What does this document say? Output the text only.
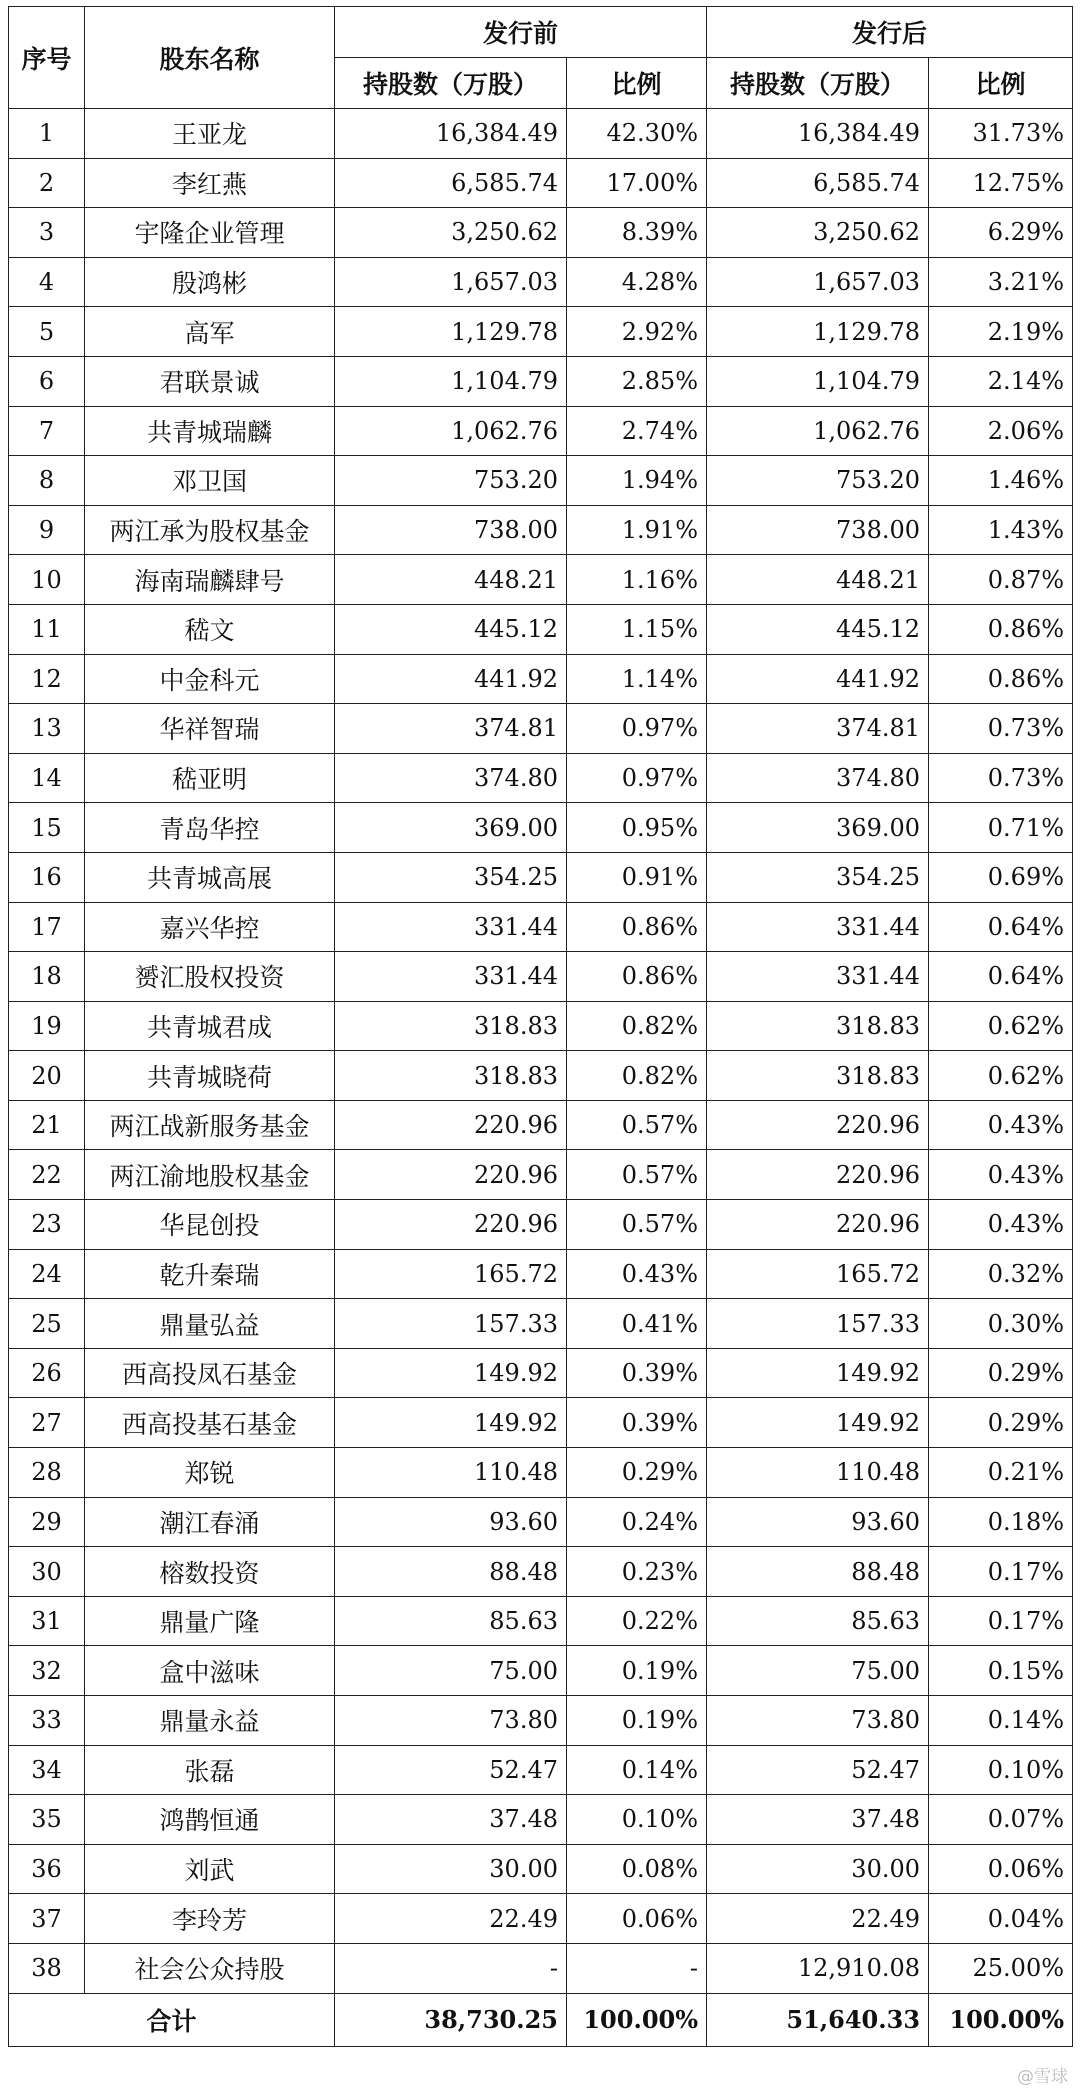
序号	股东名称	发行前		发行后	
		持股数（万股）	比例	持股数（万股）	比例
1	王亚龙	16,384.49	42.30%	16,384.49	31.73%
2	李红燕	6,585.74	17.00%	6,585.74	12.75%
3	宇隆企业管理	3,250.62	8.39%	3,250.62	6.29%
4	殷鸿彬	1,657.03	4.28%	1,657.03	3.21%
5	高军	1,129.78	2.92%	1,129.78	2.19%
6	君联景诚	1,104.79	2.85%	1,104.79	2.14%
7	共青城瑞麟	1,062.76	2.74%	1,062.76	2.06%
8	邓卫国	753.20	1.94%	753.20	1.46%
9	两江承为股权基金	738.00	1.91%	738.00	1.43%
10	海南瑞麟肆号	448.21	1.16%	448.21	0.87%
11	嵇文	445.12	1.15%	445.12	0.86%
12	中金科元	441.92	1.14%	441.92	0.86%
13	华祥智瑞	374.81	0.97%	374.81	0.73%
14	嵇亚明	374.80	0.97%	374.80	0.73%
15	青岛华控	369.00	0.95%	369.00	0.71%
16	共青城高展	354.25	0.91%	354.25	0.69%
17	嘉兴华控	331.44	0.86%	331.44	0.64%
18	赟汇股权投资	331.44	0.86%	331.44	0.64%
19	共青城君成	318.83	0.82%	318.83	0.62%
20	共青城晓荷	318.83	0.82%	318.83	0.62%
21	两江战新服务基金	220.96	0.57%	220.96	0.43%
22	两江渝地股权基金	220.96	0.57%	220.96	0.43%
23	华昆创投	220.96	0.57%	220.96	0.43%
24	乾升秦瑞	165.72	0.43%	165.72	0.32%
25	鼎量弘益	157.33	0.41%	157.33	0.30%
26	西高投凤石基金	149.92	0.39%	149.92	0.29%
27	西高投基石基金	149.92	0.39%	149.92	0.29%
28	郑锐	110.48	0.29%	110.48	0.21%
29	潮江春涌	93.60	0.24%	93.60	0.18%
30	榕数投资	88.48	0.23%	88.48	0.17%
31	鼎量广隆	85.63	0.22%	85.63	0.17%
32	盒中滋味	75.00	0.19%	75.00	0.15%
33	鼎量永益	73.80	0.19%	73.80	0.14%
34	张磊	52.47	0.14%	52.47	0.10%
35	鸿鹊恒通	37.48	0.10%	37.48	0.07%
36	刘武	30.00	0.08%	30.00	0.06%
37	李玲芳	22.49	0.06%	22.49	0.04%
38	社会公众持股	-	-	12,910.08	25.00%
合计		38,730.25	100.00%	51,640.33	100.00%
@雪球
